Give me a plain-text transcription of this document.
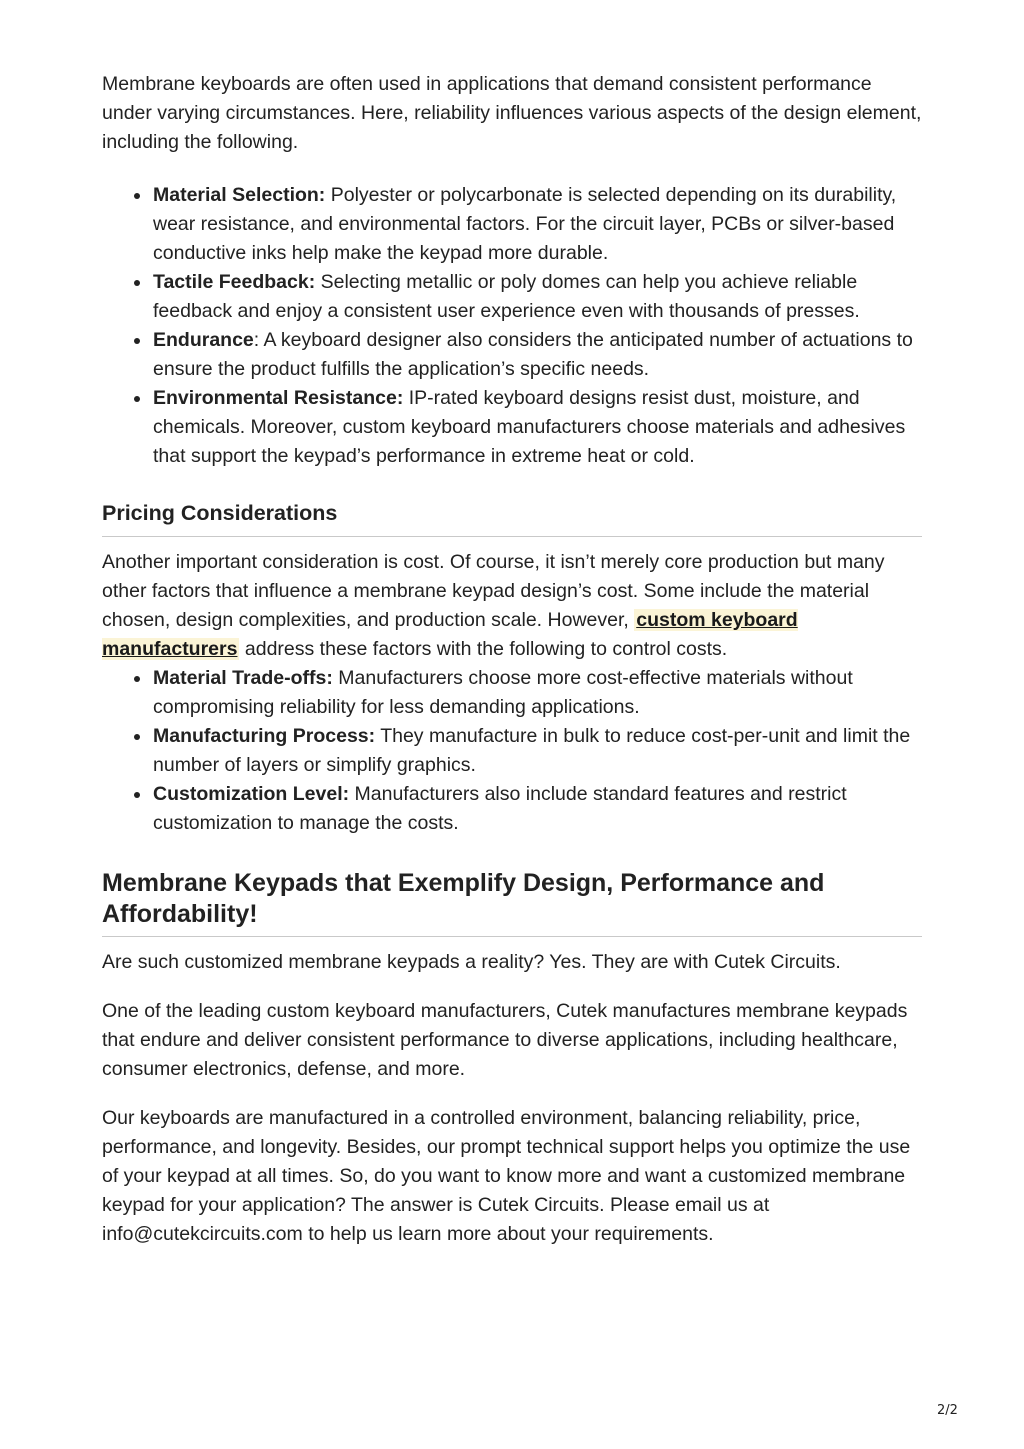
Membrane keyboards are often used in applications that demand consistent performance under varying circumstances. Here, reliability influences various aspects of the design element, including the following.

Material Selection: Polyester or polycarbonate is selected depending on its durability, wear resistance, and environmental factors. For the circuit layer, PCBs or silver-based conductive inks help make the keypad more durable.
Tactile Feedback: Selecting metallic or poly domes can help you achieve reliable feedback and enjoy a consistent user experience even with thousands of presses.
Endurance: A keyboard designer also considers the anticipated number of actuations to ensure the product fulfills the application’s specific needs.
Environmental Resistance: IP-rated keyboard designs resist dust, moisture, and chemicals. Moreover, custom keyboard manufacturers choose materials and adhesives that support the keypad’s performance in extreme heat or cold.
Pricing Considerations

Another important consideration is cost. Of course, it isn’t merely core production but many other factors that influence a membrane keypad design’s cost. Some include the material chosen, design complexities, and production scale. However, custom keyboard manufacturers address these factors with the following to control costs.

Material Trade-offs: Manufacturers choose more cost-effective materials without compromising reliability for less demanding applications.
Manufacturing Process: They manufacture in bulk to reduce cost-per-unit and limit the number of layers or simplify graphics.
Customization Level: Manufacturers also include standard features and restrict customization to manage the costs.
Membrane Keypads that Exemplify Design, Performance and Affordability!

Are such customized membrane keypads a reality? Yes. They are with Cutek Circuits.

One of the leading custom keyboard manufacturers, Cutek manufactures membrane keypads that endure and deliver consistent performance to diverse applications, including healthcare, consumer electronics, defense, and more.

Our keyboards are manufactured in a controlled environment, balancing reliability, price, performance, and longevity. Besides, our prompt technical support helps you optimize the use of your keypad at all times. So, do you want to know more and want a customized membrane keypad for your application? The answer is Cutek Circuits. Please email us at info@cutekcircuits.com to help us learn more about your requirements.

2/2
